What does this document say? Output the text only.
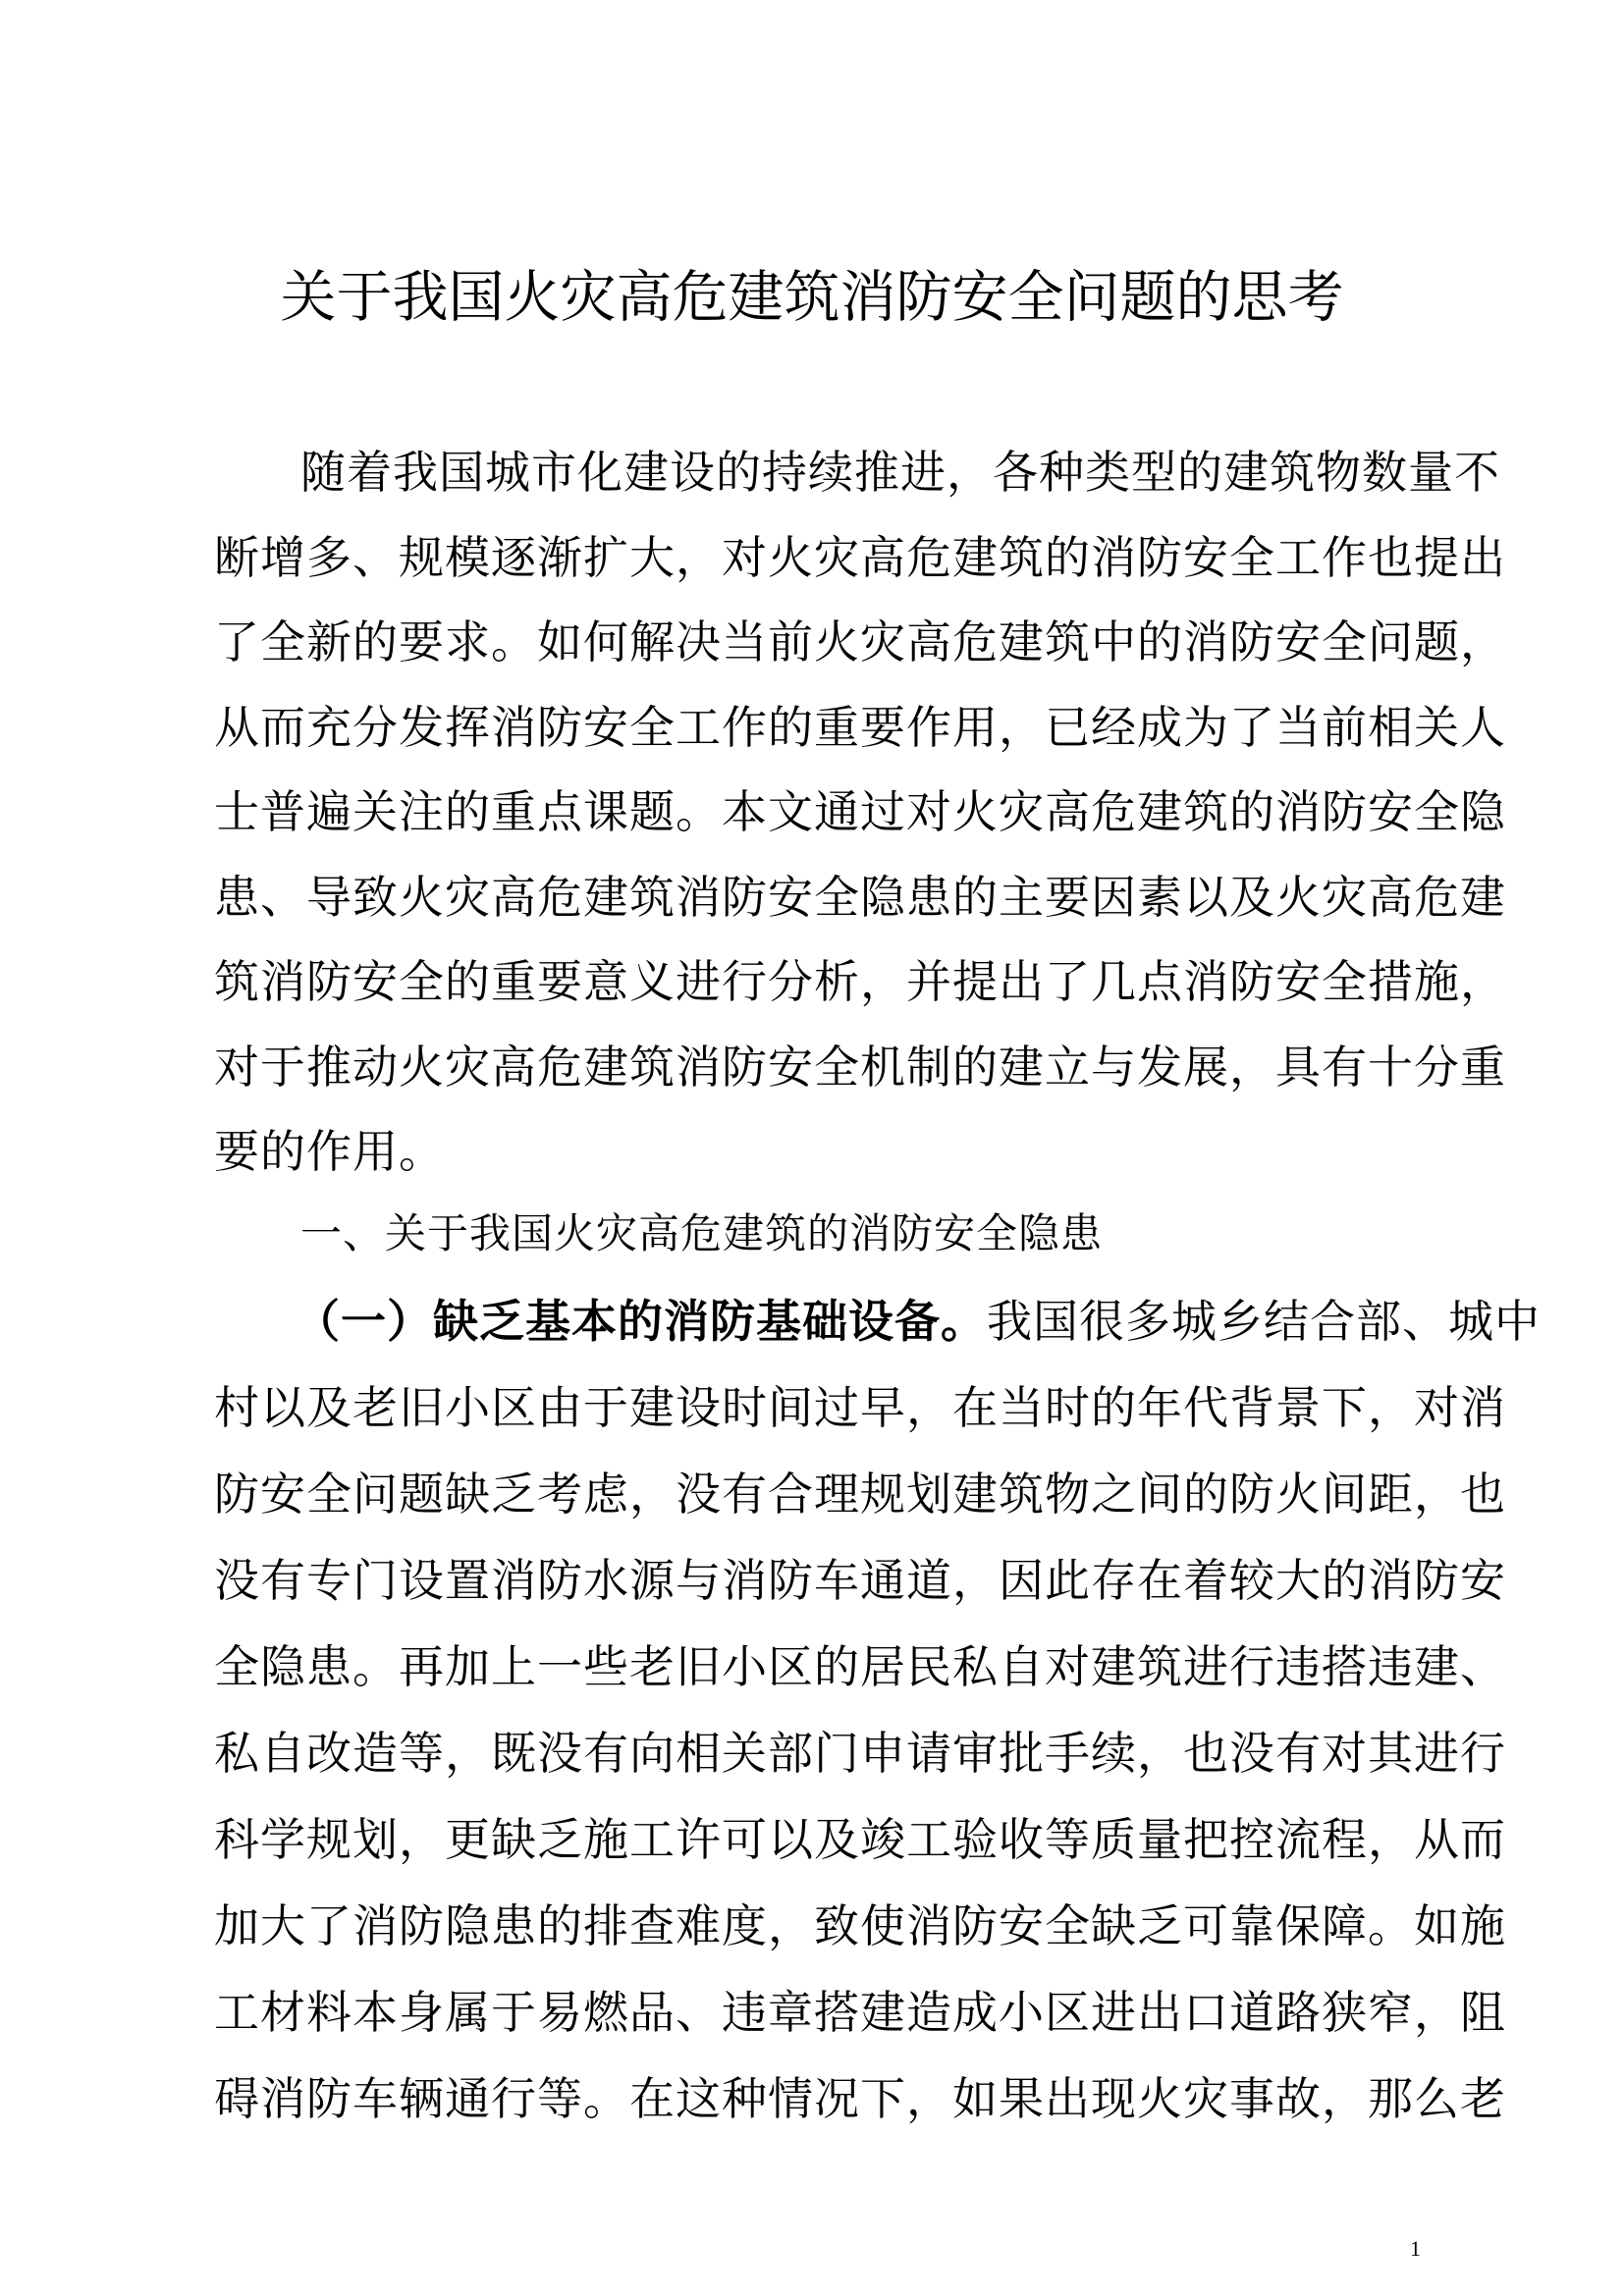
关于我国火灾高危建筑消防安全问题的思考
随着我国城市化建设的持续推进，各种类型的建筑物数量不
断增多、规模逐渐扩大，对火灾高危建筑的消防安全工作也提出
了全新的要求。如何解决当前火灾高危建筑中的消防安全问题，
从而充分发挥消防安全工作的重要作用，已经成为了当前相关人
士普遍关注的重点课题。本文通过对火灾高危建筑的消防安全隐
患、导致火灾高危建筑消防安全隐患的主要因素以及火灾高危建
筑消防安全的重要意义进行分析，并提出了几点消防安全措施，
对于推动火灾高危建筑消防安全机制的建立与发展，具有十分重
要的作用。
一、关于我国火灾高危建筑的消防安全隐患
（一）缺乏基本的消防基础设备。我国很多城乡结合部、城中
村以及老旧小区由于建设时间过早，在当时的年代背景下，对消
防安全问题缺乏考虑，没有合理规划建筑物之间的防火间距，也
没有专门设置消防水源与消防车通道，因此存在着较大的消防安
全隐患。再加上一些老旧小区的居民私自对建筑进行违搭违建、
私自改造等，既没有向相关部门申请审批手续，也没有对其进行
科学规划，更缺乏施工许可以及竣工验收等质量把控流程，从而
加大了消防隐患的排查难度，致使消防安全缺乏可靠保障。如施
工材料本身属于易燃品、违章搭建造成小区进出口道路狭窄，阻
碍消防车辆通行等。在这种情况下，如果出现火灾事故，那么老
1
